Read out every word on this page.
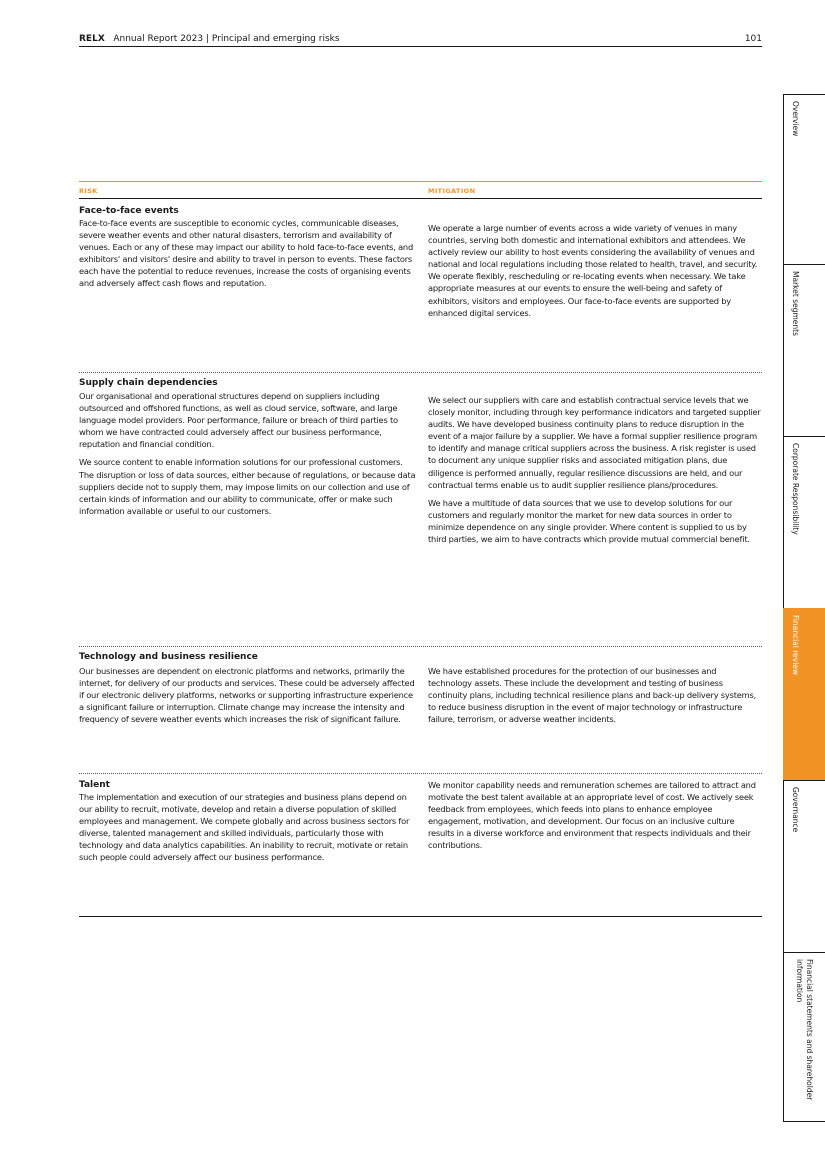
RELX Annual Report 2023 | Principal and emerging risks	101
RISK	MITIGATION
Face-to-face events

Face-to-face events are susceptible to economic cycles, communicable diseases, severe weather events and other natural disasters, terrorism and availability of venues. Each or any of these may impact our ability to hold face-to-face events, and exhibitors' and visitors' desire and ability to travel in person to events. These factors each have the potential to reduce revenues, increase the costs of organising events and adversely affect cash flows and reputation.

We operate a large number of events across a wide variety of venues in many countries, serving both domestic and international exhibitors and attendees. We actively review our ability to host events considering the availability of venues and national and local regulations including those related to health, travel, and security. We operate flexibly, rescheduling or re-locating events when necessary. We take appropriate measures at our events to ensure the well-being and safety of exhibitors, visitors and employees. Our face-to-face events are supported by enhanced digital services.

Supply chain dependencies

Our organisational and operational structures depend on suppliers including outsourced and offshored functions, as well as cloud service, software, and large language model providers. Poor performance, failure or breach of third parties to whom we have contracted could adversely affect our business performance, reputation and financial condition.

We source content to enable information solutions for our professional customers. The disruption or loss of data sources, either because of regulations, or because data suppliers decide not to supply them, may impose limits on our collection and use of certain kinds of information and our ability to communicate, offer or make such information available or useful to our customers.

We select our suppliers with care and establish contractual service levels that we closely monitor, including through key performance indicators and targeted supplier audits. We have developed business continuity plans to reduce disruption in the event of a major failure by a supplier. We have a formal supplier resilience program to identify and manage critical suppliers across the business. A risk register is used to document any unique supplier risks and associated mitigation plans, due diligence is performed annually, regular resilience discussions are held, and our contractual terms enable us to audit supplier resilience plans/procedures.

We have a multitude of data sources that we use to develop solutions for our customers and regularly monitor the market for new data sources in order to minimize dependence on any single provider. Where content is supplied to us by third parties, we aim to have contracts which provide mutual commercial benefit.

Technology and business resilience

Our businesses are dependent on electronic platforms and networks, primarily the internet, for delivery of our products and services. These could be adversely affected if our electronic delivery platforms, networks or supporting infrastructure experience a significant failure or interruption. Climate change may increase the intensity and frequency of severe weather events which increases the risk of significant failure.

We have established procedures for the protection of our businesses and technology assets. These include the development and testing of business continuity plans, including technical resilience plans and back-up delivery systems, to reduce business disruption in the event of major technology or infrastructure failure, terrorism, or adverse weather incidents.

Talent

The implementation and execution of our strategies and business plans depend on our ability to recruit, motivate, develop and retain a diverse population of skilled employees and management. We compete globally and across business sectors for diverse, talented management and skilled individuals, particularly those with technology and data analytics capabilities. An inability to recruit, motivate or retain such people could adversely affect our business performance.

We monitor capability needs and remuneration schemes are tailored to attract and motivate the best talent available at an appropriate level of cost. We actively seek feedback from employees, which feeds into plans to enhance employee engagement, motivation, and development. Our focus on an inclusive culture results in a diverse workforce and environment that respects individuals and their contributions.

Overview
Market segments
Corporate Responsibility
Financial review
Governance
Financial statements and shareholder information
